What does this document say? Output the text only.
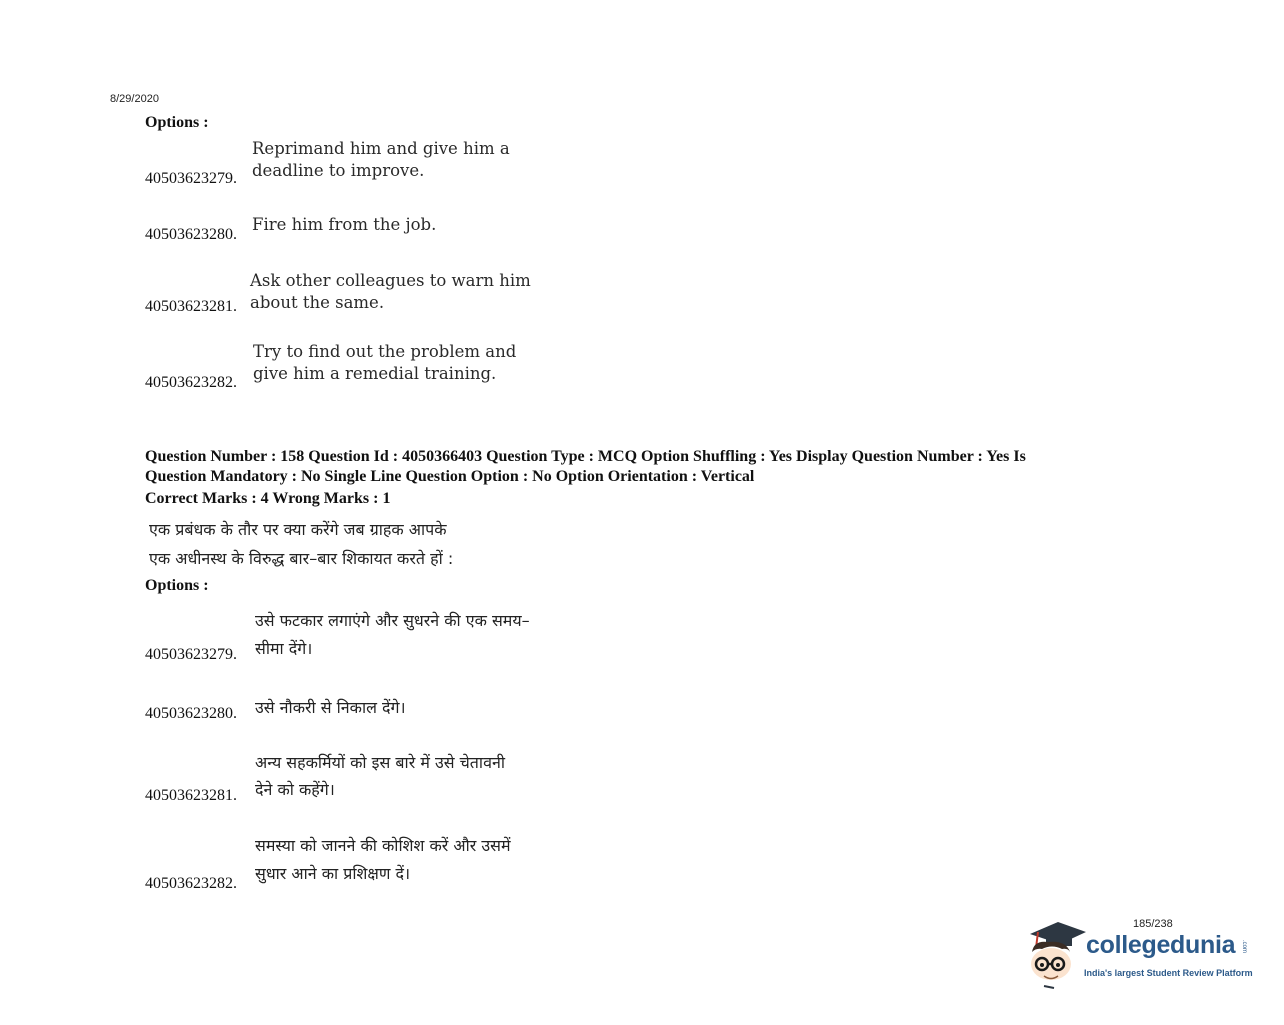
8/29/2020
Options :
40503623279.
Reprimand him and give him a deadline to improve.
40503623280.
Fire him from the job.
40503623281.
Ask other colleagues to warn him about the same.
40503623282.
Try to find out the problem and give him a remedial training.
Question Number : 158 Question Id : 4050366403 Question Type : MCQ Option Shuffling : Yes Display Question Number : Yes Is
Question Mandatory : No Single Line Question Option : No Option Orientation : Vertical
Correct Marks : 4 Wrong Marks : 1
एक प्रबंधक के तौर पर क्या करेंगे जब ग्राहक आपके
एक अधीनस्थ के विरुद्ध बार–बार शिकायत करते हों :
Options :
40503623279.
उसे फटकार लगाएंगे और सुधरने की एक समय–
सीमा देंगे।
40503623280. उसे नौकरी से निकाल देंगे।
40503623281.
अन्य सहकर्मियों को इस बारे में उसे चेतावनी
देने को कहेंगे।
40503623282.
समस्या को जानने की कोशिश करें और उसमें
सुधार आने का प्रशिक्षण दें।
185/238
collegedunia .com
India's largest Student Review Platform
